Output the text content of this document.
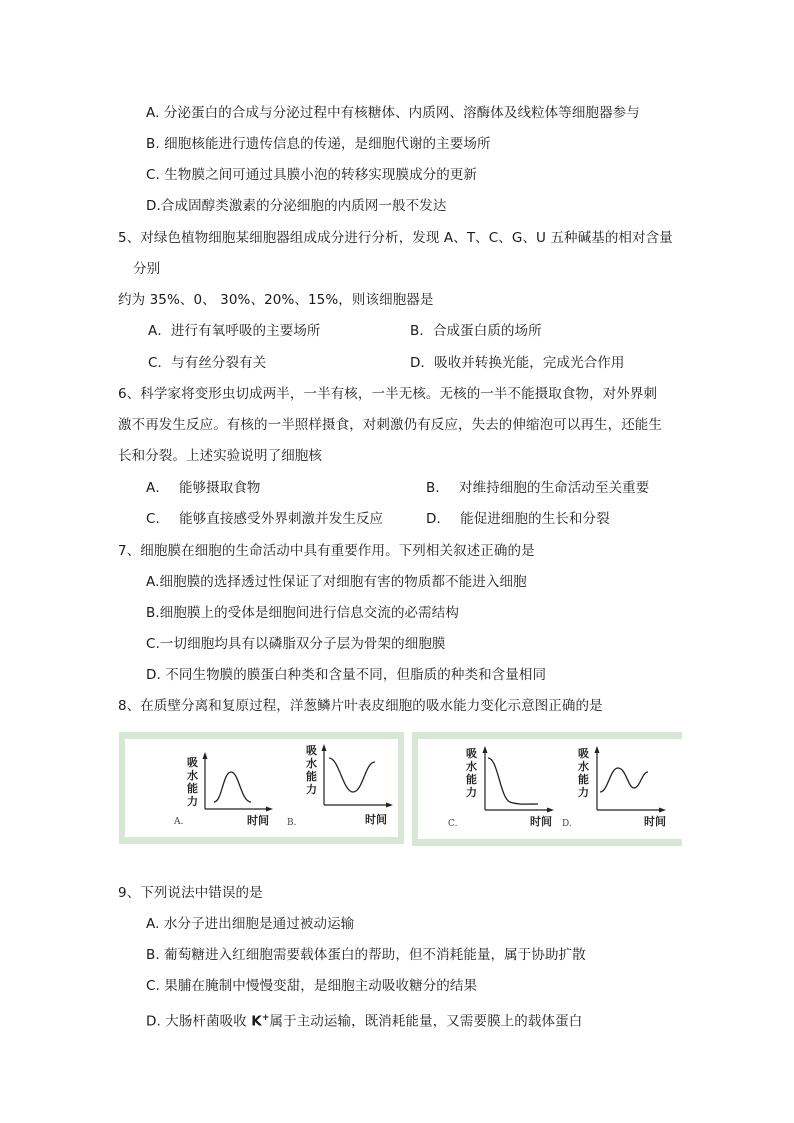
A. 分泌蛋白的合成与分泌过程中有核糖体、内质网、溶酶体及线粒体等细胞器参与
B. 细胞核能进行遗传信息的传递，是细胞代谢的主要场所
C. 生物膜之间可通过具膜小泡的转移实现膜成分的更新
D.合成固醇类激素的分泌细胞的内质网一般不发达
5、对绿色植物细胞某细胞器组成成分进行分析，发现 A、T、C、G、U 五种碱基的相对含量
分别
约为 35%、0、 30%、20%、15%，则该细胞器是
A．进行有氧呼吸的主要场所	B．合成蛋白质的场所
C．与有丝分裂有关	D．吸收并转换光能，完成光合作用
6、科学家将变形虫切成两半，一半有核，一半无核。无核的一半不能摄取食物，对外界刺
激不再发生反应。有核的一半照样摄食，对刺激仍有反应，失去的伸缩泡可以再生，还能生
长和分裂。上述实验说明了细胞核
A． 能够摄取食物	B． 对维持细胞的生命活动至关重要
C． 能够直接感受外界刺激并发生反应	D． 能促进细胞的生长和分裂
7、细胞膜在细胞的生命活动中具有重要作用。下列相关叙述正确的是
A.细胞膜的选择透过性保证了对细胞有害的物质都不能进入细胞
B.细胞膜上的受体是细胞间进行信息交流的必需结构
C.一切细胞均具有以磷脂双分子层为骨架的细胞膜
D. 不同生物膜的膜蛋白种类和含量不同，但脂质的种类和含量相同
8、在质壁分离和复原过程，洋葱鳞片叶表皮细胞的吸水能力变化示意图正确的是
吸
水
能
力
时间
A.
吸
水
能
力
时间
B.
吸
水
能
力
时间
C.
吸
水
能
力
时间
D.
9、下列说法中错误的是
A. 水分子进出细胞是通过被动运输
B. 葡萄糖进入红细胞需要载体蛋白的帮助，但不消耗能量，属于协助扩散
C. 果脯在腌制中慢慢变甜，是细胞主动吸收糖分的结果
D. 大肠杆菌吸收 K+属于主动运输，既消耗能量，又需要膜上的载体蛋白
